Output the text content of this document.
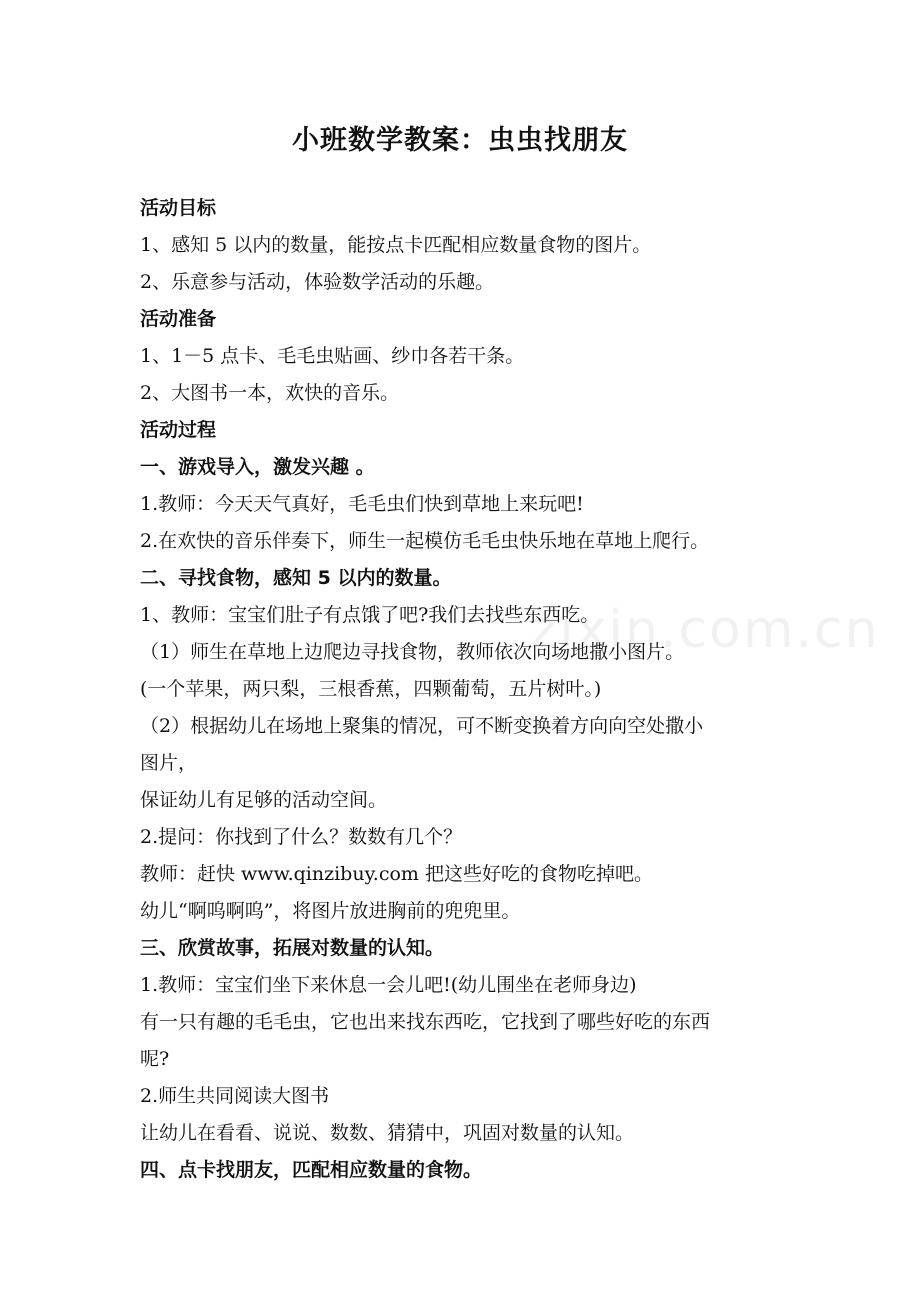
zixin.com.cn
小班数学教案：虫虫找朋友
活动目标
1、感知 5 以内的数量，能按点卡匹配相应数量食物的图片。
2、乐意参与活动，体验数学活动的乐趣。
活动准备
1、1－5 点卡、毛毛虫贴画、纱巾各若干条。
2、大图书一本，欢快的音乐。
活动过程
一、游戏导入，激发兴趣 。
1.教师：今天天气真好，毛毛虫们快到草地上来玩吧!
2.在欢快的音乐伴奏下，师生一起模仿毛毛虫快乐地在草地上爬行。
二、寻找食物，感知 5 以内的数量。
1、教师：宝宝们肚子有点饿了吧?我们去找些东西吃。
（1）师生在草地上边爬边寻找食物，教师依次向场地撒小图片。
(一个苹果，两只梨，三根香蕉，四颗葡萄，五片树叶。)
（2）根据幼儿在场地上聚集的情况，可不断变换着方向向空处撒小
图片，
保证幼儿有足够的活动空间。
2.提问：你找到了什么？数数有几个？
教师：赶快 www.qinzibuy.com 把这些好吃的食物吃掉吧。
幼儿“啊呜啊呜”，将图片放进胸前的兜兜里。
三、欣赏故事，拓展对数量的认知。
1.教师：宝宝们坐下来休息一会儿吧!(幼儿围坐在老师身边)
有一只有趣的毛毛虫，它也出来找东西吃，它找到了哪些好吃的东西
呢?
2.师生共同阅读大图书
让幼儿在看看、说说、数数、猜猜中，巩固对数量的认知。
四、点卡找朋友，匹配相应数量的食物。
